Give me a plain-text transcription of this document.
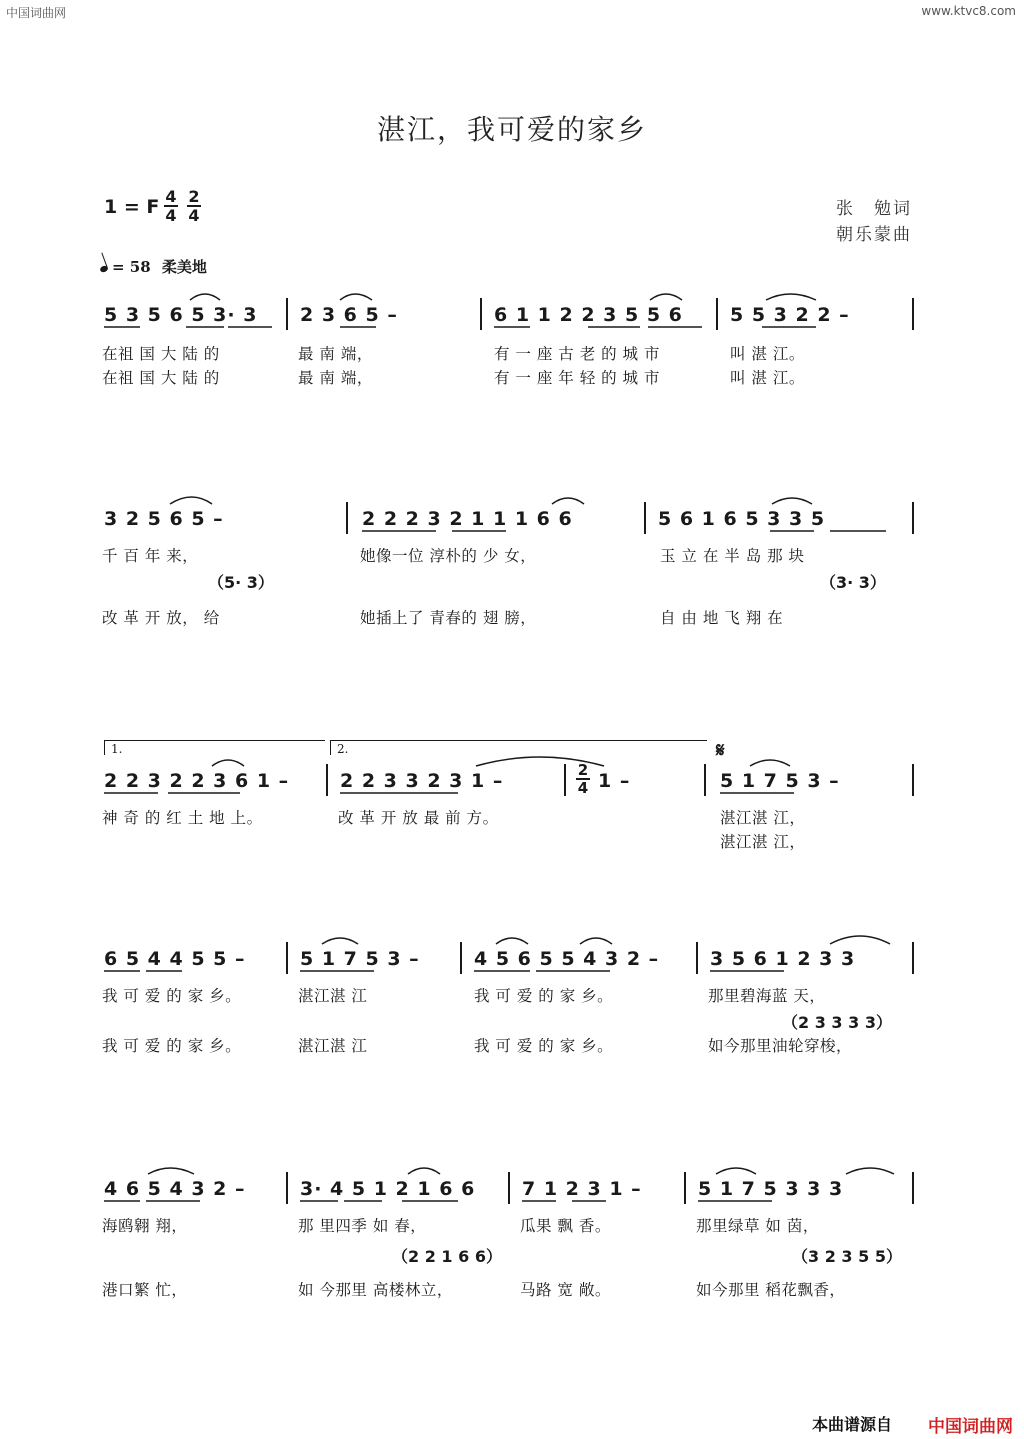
中国词曲网	www.ktvc8.com
湛江，我可爱的家乡
1 = F 4
4
2
4	张　勉词
朝乐蒙曲
= 58 柔美地
5 3 5 6 5 3· 3 2 3 6 5 –	6 1 1 2 2 3 5 5 6 5 5 3 2 2 –
在祖 国 大 陆 的	最 南 端，	有 一 座 古 老 的 城 市	叫 湛 江。
在祖 国 大 陆 的	最 南 端，	有 一 座 年 轻 的 城 市	叫 湛 江。
3 2 5 6 5 –	2 2 2 3 2 1 1 1 6 6	5 6 1 6 5 3 3 5
千 百 年 来，	她像一位 淳朴的 少 女，	玉 立 在 半 岛 那 块
（5· 3）	（3· 3）
改 革 开 放， 给	她插上了 青春的 翅 膀，	自 由 地 飞 翔 在
1.	2.	𝄋
2 2 3 2 2 3 6 1 –	2 2 3 3 2 3 1 –	2
4 1 –	5 1 7 5 3 –
神 奇 的 红 土 地 上。	改 革 开 放 最 前 方。	湛江湛 江，
湛江湛 江，
6 5 4 4 5 5 –	5 1 7 5 3 –	4 5 6 5 5 4 3 2 –	3 5 6 1 2 3 3
我 可 爱 的 家 乡。	湛江湛 江	我 可 爱 的 家 乡。	那里碧海蓝 天，
（2 3 3 3 3）
我 可 爱 的 家 乡。	湛江湛 江	我 可 爱 的 家 乡。	如今那里油轮穿梭，
4 6 5 4 3 2 –	3· 4 5 1 2 1 6 6 7 1 2 3 1 –	5 1 7 5 3 3 3
海鸥翱 翔，	那 里四季 如 春，	瓜果 飘 香。	那里绿草 如 茵，
（2 2 1 6 6）	（3 2 3 5 5）
港口繁 忙，	如 今那里 高楼林立，	马路 宽 敞。	如今那里 稻花飘香，
本曲谱源自 中国词曲网
